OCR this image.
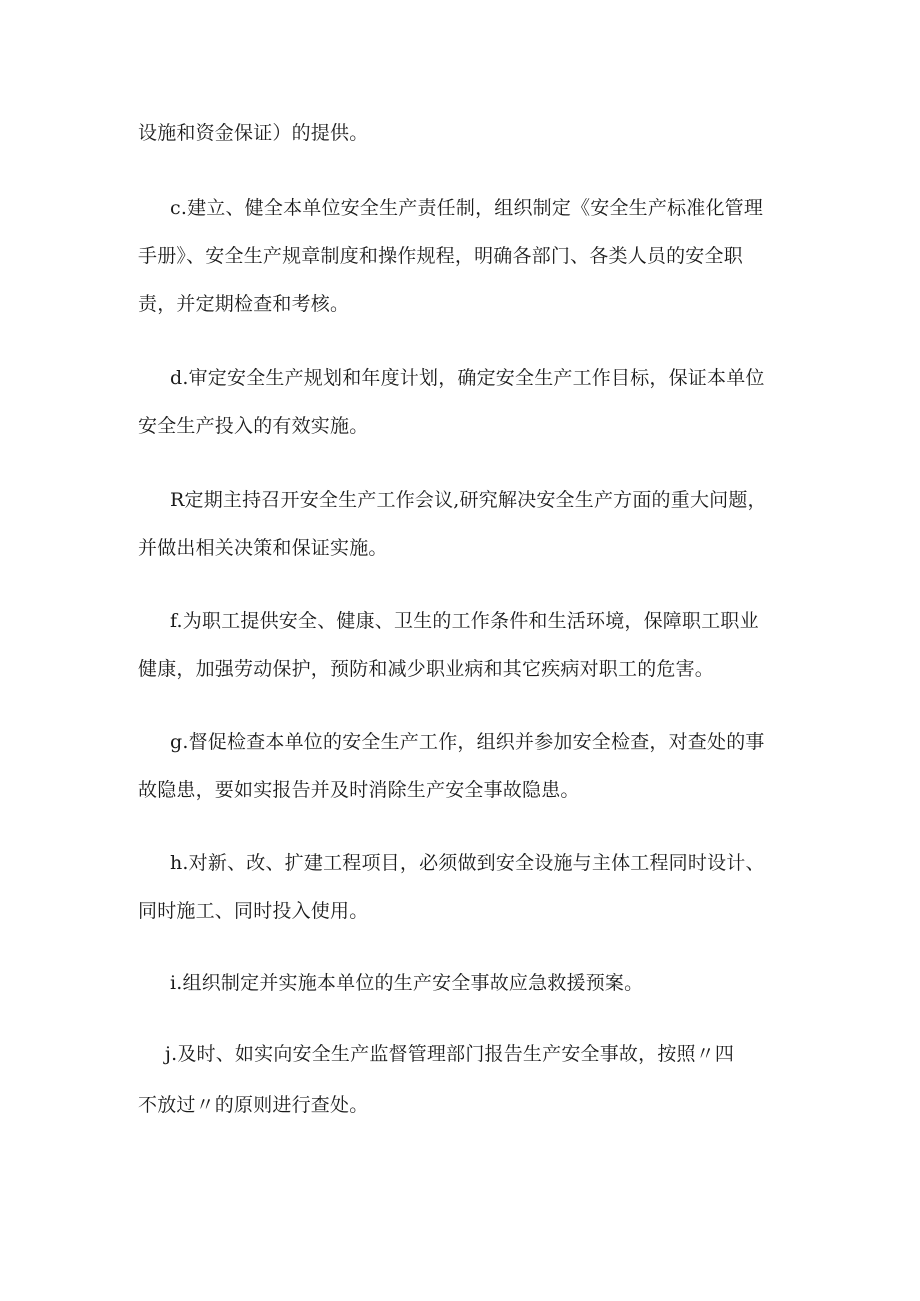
设施和资金保证）的提供。

c.建立、健全本单位安全生产责任制，组织制定《安全生产标准化管理

手册》、安全生产规章制度和操作规程，明确各部门、各类人员的安全职

责，并定期检查和考核。

d.审定安全生产规划和年度计划，确定安全生产工作目标，保证本单位

安全生产投入的有效实施。

R定期主持召开安全生产工作会议,研究解决安全生产方面的重大问题，

并做出相关决策和保证实施。

f.为职工提供安全、健康、卫生的工作条件和生活环境，保障职工职业

健康，加强劳动保护，预防和减少职业病和其它疾病对职工的危害。

g.督促检查本单位的安全生产工作，组织并参加安全检查，对查处的事

故隐患，要如实报告并及时消除生产安全事故隐患。

h.对新、改、扩建工程项目，必须做到安全设施与主体工程同时设计、

同时施工、同时投入使用。

i.组织制定并实施本单位的生产安全事故应急救援预案。

j.及时、如实向安全生产监督管理部门报告生产安全事故，按照〃四

不放过〃的原则进行查处。
